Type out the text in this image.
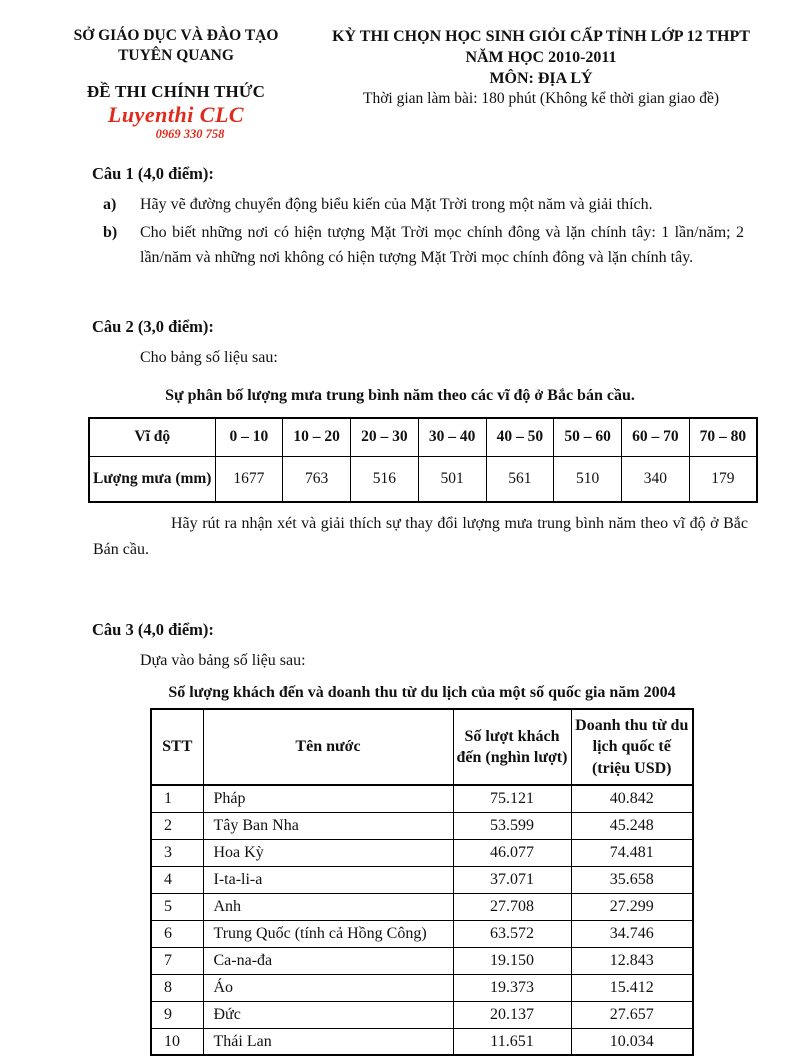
SỞ GIÁO DỤC VÀ ĐÀO TẠO
TUYÊN QUANG
ĐỀ THI CHÍNH THỨC
Luyenthi CLC
0969 330 758
KỲ THI CHỌN HỌC SINH GIỎI CẤP TỈNH LỚP 12 THPT
NĂM HỌC 2010-2011
MÔN: ĐỊA LÝ
Thời gian làm bài: 180 phút (Không kể thời gian giao đề)
Câu 1 (4,0 điểm):
a)	Hãy vẽ đường chuyển động biểu kiến của Mặt Trời trong một năm và giải thích.
b)	Cho biết những nơi có hiện tượng Mặt Trời mọc chính đông và lặn chính tây: 1 lần/năm; 2 lần/năm và những nơi không có hiện tượng Mặt Trời mọc chính đông và lặn chính tây.
Câu 2 (3,0 điểm):
Cho bảng số liệu sau:
Sự phân bố lượng mưa trung bình năm theo các vĩ độ ở Bắc bán cầu.
Vĩ độ	0 – 10	10 – 20	20 – 30	30 – 40	40 – 50	50 – 60	60 – 70	70 – 80
Lượng mưa (mm)	1677	763	516	501	561	510	340	179
Hãy rút ra nhận xét và giải thích sự thay đổi lượng mưa trung bình năm theo vĩ độ ở Bắc Bán cầu.
Câu 3 (4,0 điểm):
Dựa vào bảng số liệu sau:
Số lượng khách đến và doanh thu từ du lịch của một số quốc gia năm 2004
STT	Tên nước	Số lượt khách đến (nghìn lượt)	Doanh thu từ du lịch quốc tế (triệu USD)
1	Pháp	75.121	40.842
2	Tây Ban Nha	53.599	45.248
3	Hoa Kỳ	46.077	74.481
4	I-ta-li-a	37.071	35.658
5	Anh	27.708	27.299
6	Trung Quốc (tính cả Hồng Công)	63.572	34.746
7	Ca-na-đa	19.150	12.843
8	Áo	19.373	15.412
9	Đức	20.137	27.657
10	Thái Lan	11.651	10.034
